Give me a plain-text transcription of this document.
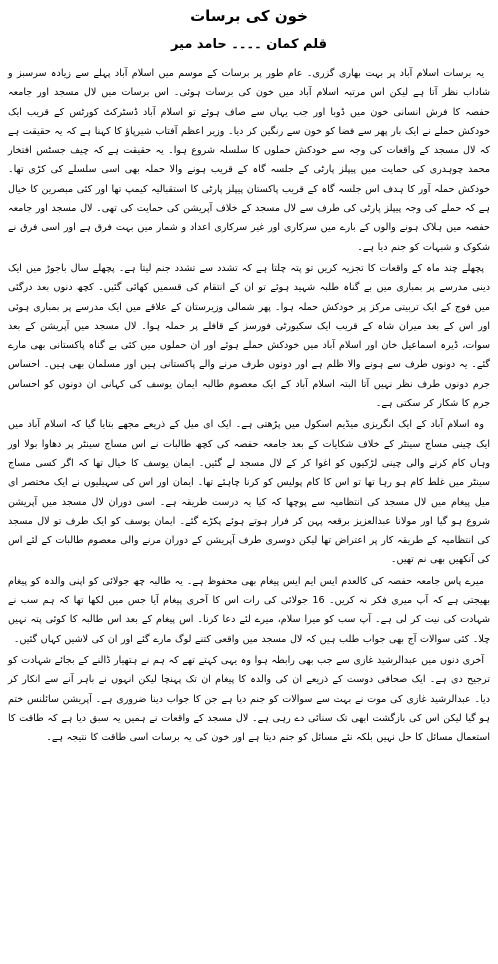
خون کی برسات
قلم کمان ۔۔۔۔ حامد میر

یہ برسات اسلام آباد پر بہت بھاری گزری۔ عام طور پر برسات کے موسم میں اسلام آباد پہلے سے زیادہ سرسبز و شاداب نظر آتا ہے لیکن اس مرتبہ اسلام آباد میں خون کی برسات ہوئی۔ اس برسات میں لال مسجد اور جامعہ حفصہ کا فرش انسانی خون میں ڈوبا اور جب یہاں سے صاف ہوئے تو اسلام آباد ڈسٹرکٹ کورٹس کے قریب ایک خودکش حملے نے ایک بار پھر سے فضا کو خون سے رنگین کر دیا۔ وزیر اعظم آفتاب شیرپاؤ کا کہنا ہے کہ یہ حقیقت ہے کہ لال مسجد کے واقعات کی وجہ سے خودکش حملوں کا سلسلہ شروع ہوا۔ یہ حقیقت ہے کہ چیف جسٹس افتخار محمد چوہدری کی حمایت میں پیپلز پارٹی کے جلسہ گاہ کے قریب ہونے والا حملہ بھی اسی سلسلے کی کڑی تھا۔ خودکش حملہ آور کا ہدف اس جلسہ گاہ کے قریب پاکستان پیپلز پارٹی کا استقبالیہ کیمپ تھا اور کئی مبصرین کا خیال ہے کہ حملے کی وجہ پیپلز پارٹی کی طرف سے لال مسجد کے خلاف آپریشن کی حمایت کی تھی۔ لال مسجد اور جامعہ حفصہ میں ہلاک ہونے والوں کے بارے میں سرکاری اور غیر سرکاری اعداد و شمار میں بہت فرق ہے اور اسی فرق نے شکوک و شبہات کو جنم دیا ہے۔

پچھلے چند ماہ کے واقعات کا تجزیہ کریں تو پتہ چلتا ہے کہ تشدد سے تشدد جنم لیتا ہے۔ پچھلے سال باجوڑ میں ایک دینی مدرسے پر بمباری میں بے گناہ طلبہ شہید ہوئے تو ان کے انتقام کی قسمیں کھائی گئیں۔ کچھ دنوں بعد درگئی میں فوج کے ایک تربیتی مرکز پر خودکش حملہ ہوا۔ پھر شمالی وزیرستان کے علاقے میں ایک مدرسے پر بمباری ہوئی اور اس کے بعد میران شاہ کے قریب ایک سکیورٹی فورسز کے قافلے پر حملہ ہوا۔ لال مسجد میں آپریشن کے بعد سوات، ڈیرہ اسماعیل خان اور اسلام آباد میں خودکش حملے ہوئے اور ان حملوں میں کئی بے گناہ پاکستانی بھی مارے گئے۔ یہ دونوں طرف سے ہونے والا ظلم ہے اور دونوں طرف مرنے والے پاکستانی ہیں اور مسلمان بھی ہیں۔ احساس جرم دونوں طرف نظر نہیں آتا البتہ اسلام آباد کے ایک معصوم طالبہ ایمان یوسف کی کہانی ان دونوں کو احساس جرم کا شکار کر سکتی ہے۔

وہ اسلام آباد کے ایک انگریزی میڈیم اسکول میں پڑھتی ہے۔ ایک ای میل کے ذریعے مجھے بتایا گیا کہ اسلام آباد میں ایک چینی مساج سینٹر کے خلاف شکایات کے بعد جامعہ حفصہ کی کچھ طالبات نے اس مساج سینٹر پر دھاوا بولا اور وہاں کام کرنے والی چینی لڑکیوں کو اغوا کر کے لال مسجد لے گئیں۔ ایمان یوسف کا خیال تھا کہ اگر کسی مساج سینٹر میں غلط کام ہو رہا تھا تو اس کا کام پولیس کو کرنا چاہئے تھا۔ ایمان اور اس کی سہیلیوں نے ایک مختصر ای میل پیغام میں لال مسجد کی انتظامیہ سے پوچھا کہ کیا یہ درست طریقہ ہے۔ اسی دوران لال مسجد میں آپریشن شروع ہو گیا اور مولانا عبدالعزیز برقعہ پہن کر فرار ہوتے ہوئے پکڑے گئے۔ ایمان یوسف کو ایک طرف تو لال مسجد کی انتظامیہ کے طریقہ کار پر اعتراض تھا لیکن دوسری طرف آپریشن کے دوران مرنے والی معصوم طالبات کے لئے اس کی آنکھیں بھی نم تھیں۔

میرے پاس جامعہ حفصہ کی کالعدم ایس ایم ایس پیغام بھی محفوظ ہے۔ یہ طالبہ چھ جولائی کو اپنی والدہ کو پیغام بھیجتی ہے کہ آپ میری فکر نہ کریں۔ 16 جولائی کی رات اس کا آخری پیغام آیا جس میں لکھا تھا کہ ہم سب نے شہادت کی نیت کر لی ہے۔ آپ سب کو میرا سلام، میرے لئے دعا کرنا۔ اس پیغام کے بعد اس طالبہ کا کوئی پتہ نہیں چلا۔ کئی سوالات آج بھی جواب طلب ہیں کہ لال مسجد میں واقعی کتنے لوگ مارے گئے اور ان کی لاشیں کہاں گئیں۔

آخری دنوں میں عبدالرشید غازی سے جب بھی رابطہ ہوا وہ یہی کہتے تھے کہ ہم نے ہتھیار ڈالنے کے بجائے شہادت کو ترجیح دی ہے۔ ایک صحافی دوست کے ذریعے ان کی والدہ کا پیغام ان تک پہنچا لیکن انہوں نے باہر آنے سے انکار کر دیا۔ عبدالرشید غازی کی موت نے بہت سے سوالات کو جنم دیا ہے جن کا جواب دینا ضروری ہے۔ آپریشن سائلنس ختم ہو گیا لیکن اس کی بازگشت ابھی تک سنائی دے رہی ہے۔ لال مسجد کے واقعات نے ہمیں یہ سبق دیا ہے کہ طاقت کا استعمال مسائل کا حل نہیں بلکہ نئے مسائل کو جنم دیتا ہے اور خون کی یہ برسات اسی طاقت کا نتیجہ ہے۔
